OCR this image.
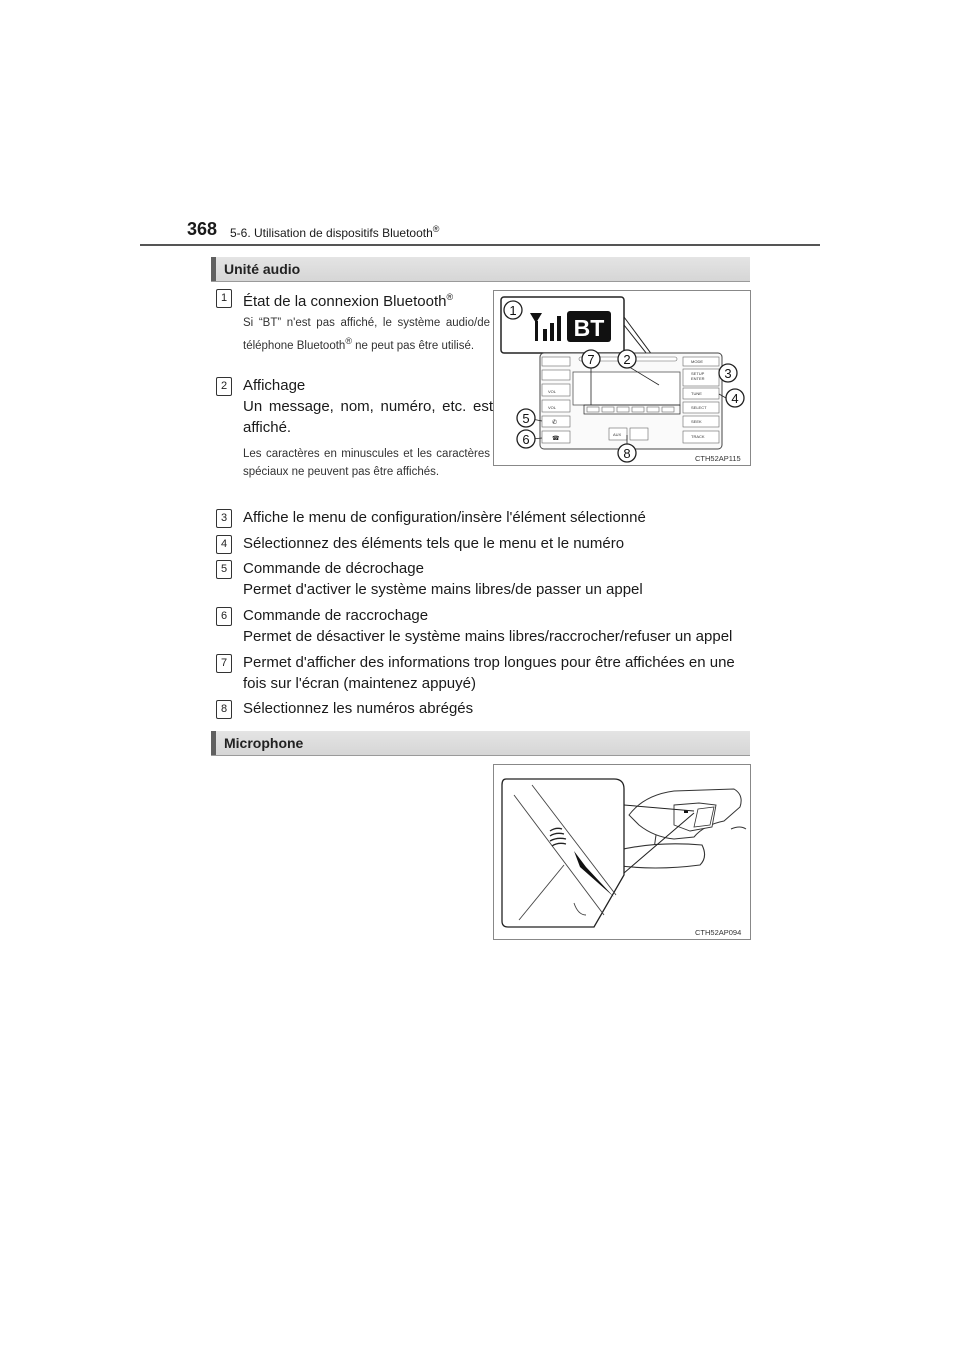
368 5-6. Utilisation de dispositifs Bluetooth®
Unité audio
1	État de la connexion Bluetooth®
Si “BT” n'est pas affiché, le système audio/de téléphone Bluetooth® ne peut pas être utilisé.
2	Affichage
Un message, nom, numéro, etc. est affiché.
Les caractères en minuscules et les caractères spéciaux ne peuvent pas être affichés.
3	Affiche le menu de configuration/insère l'élément sélectionné
4	Sélectionnez des éléments tels que le menu et le numéro
5	Commande de décrochage
Permet d'activer le système mains libres/de passer un appel
6	Commande de raccrochage
Permet de désactiver le système mains libres/raccrocher/refuser un appel
7	Permet d'afficher des informations trop longues pour être affichées en une fois sur l'écran (maintenez appuyé)
8	Sélectionnez les numéros abrégés
Microphone
BT
MODE
SETUP
ENTER
TUNE
SELECT
SEEK
TRACK
VOL
VOL
AUX
✆
☎
1
2
3
4
5
6
7
8	CTH52AP115
CTH52AP094
